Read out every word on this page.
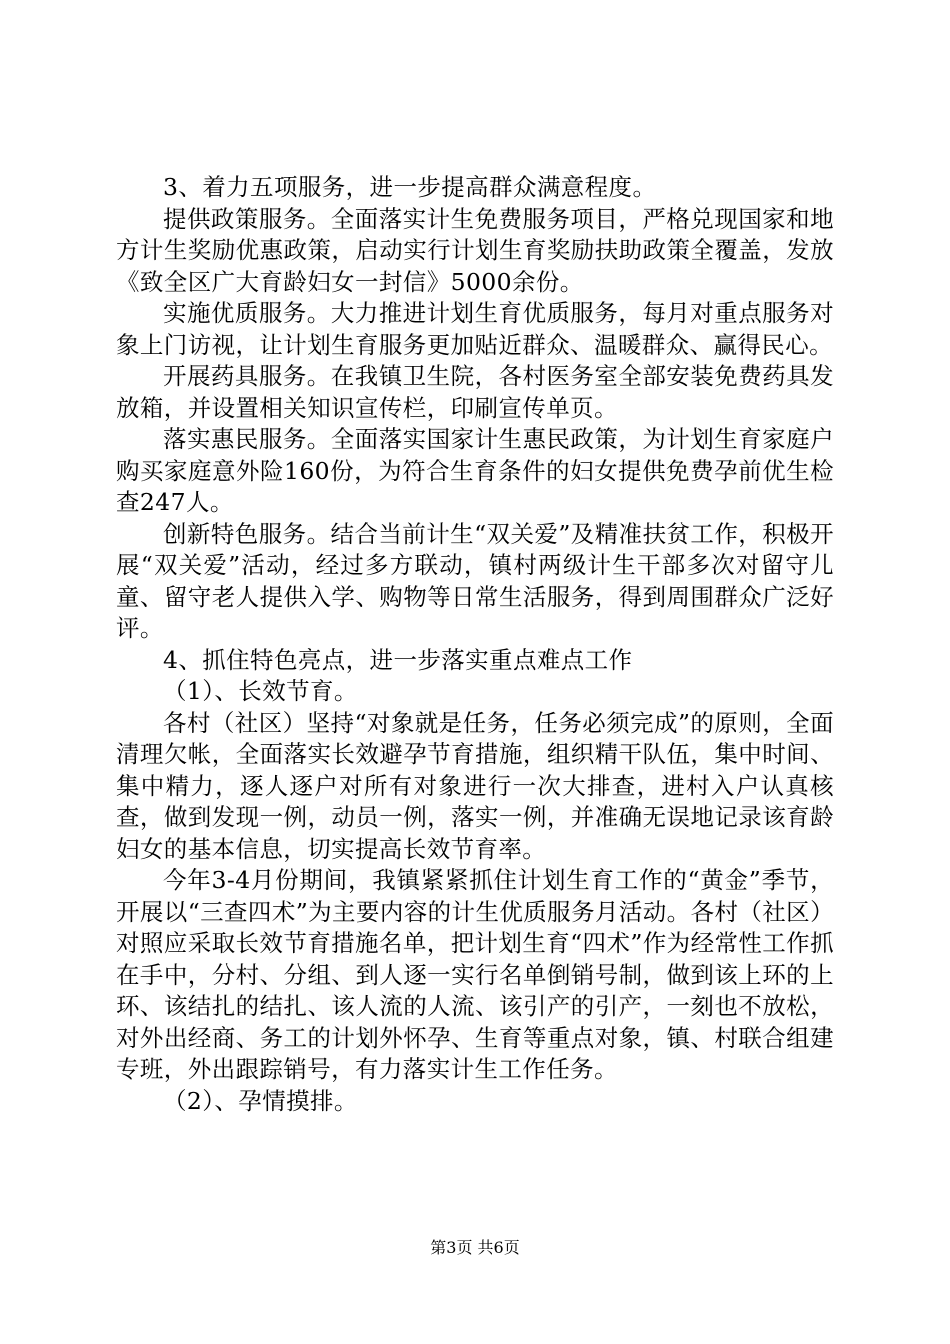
3、着力五项服务，进一步提高群众满意程度。

提供政策服务。全面落实计生免费服务项目，严格兑现国家和地方计生奖励优惠政策，启动实行计划生育奖励扶助政策全覆盖，发放《致全区广大育龄妇女一封信》5000余份。

实施优质服务。大力推进计划生育优质服务，每月对重点服务对象上门访视，让计划生育服务更加贴近群众、温暖群众、赢得民心。

开展药具服务。在我镇卫生院，各村医务室全部安装免费药具发放箱，并设置相关知识宣传栏，印刷宣传单页。

落实惠民服务。全面落实国家计生惠民政策，为计划生育家庭户购买家庭意外险160份，为符合生育条件的妇女提供免费孕前优生检查247人。

创新特色服务。结合当前计生“双关爱”及精准扶贫工作，积极开展“双关爱”活动，经过多方联动，镇村两级计生干部多次对留守儿童、留守老人提供入学、购物等日常生活服务，得到周围群众广泛好评。

4、抓住特色亮点，进一步落实重点难点工作

（1）、长效节育。

各村（社区）坚持“对象就是任务，任务必须完成”的原则，全面清理欠帐，全面落实长效避孕节育措施，组织精干队伍，集中时间、集中精力，逐人逐户对所有对象进行一次大排查，进村入户认真核查，做到发现一例，动员一例，落实一例，并准确无误地记录该育龄妇女的基本信息，切实提高长效节育率。

今年3-4月份期间，我镇紧紧抓住计划生育工作的“黄金”季节，开展以“三查四术”为主要内容的计生优质服务月活动。各村（社区）对照应采取长效节育措施名单，把计划生育“四术”作为经常性工作抓在手中，分村、分组、到人逐一实行名单倒销号制，做到该上环的上环、该结扎的结扎、该人流的人流、该引产的引产，一刻也不放松，对外出经商、务工的计划外怀孕、生育等重点对象，镇、村联合组建专班，外出跟踪销号，有力落实计生工作任务。

（2）、孕情摸排。

第3页 共6页
